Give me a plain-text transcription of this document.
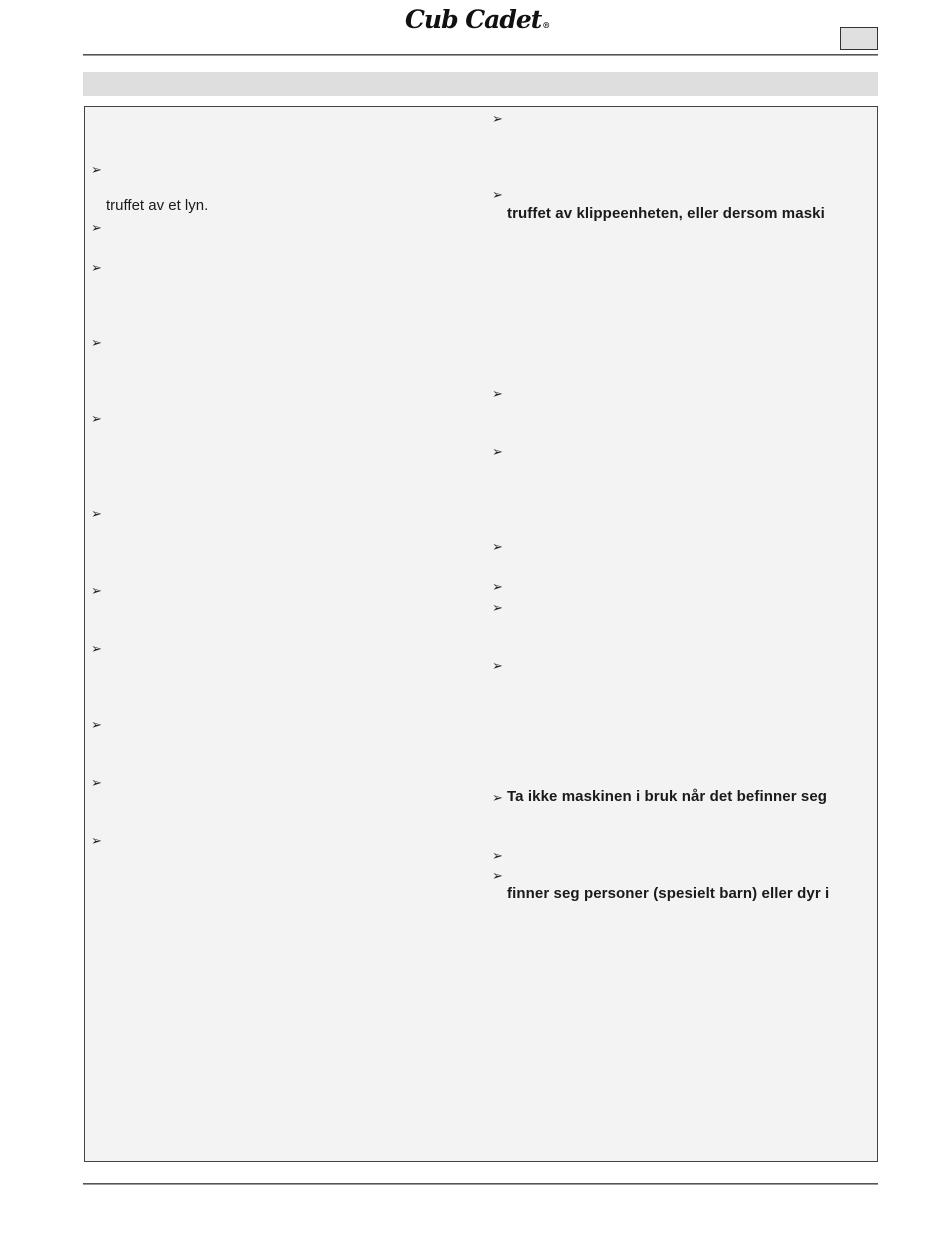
Cub Cadet®
➢
truffet av et lyn.
➢
➢
➢
➢
➢
➢
➢
➢
➢
➢
➢
➢
truffet av klippeenheten, eller dersom maski
➢
➢
➢
➢
➢
➢
➢ Ta ikke maskinen i bruk når det befinner seg
➢
➢
finner seg personer (spesielt barn) eller dyr i
